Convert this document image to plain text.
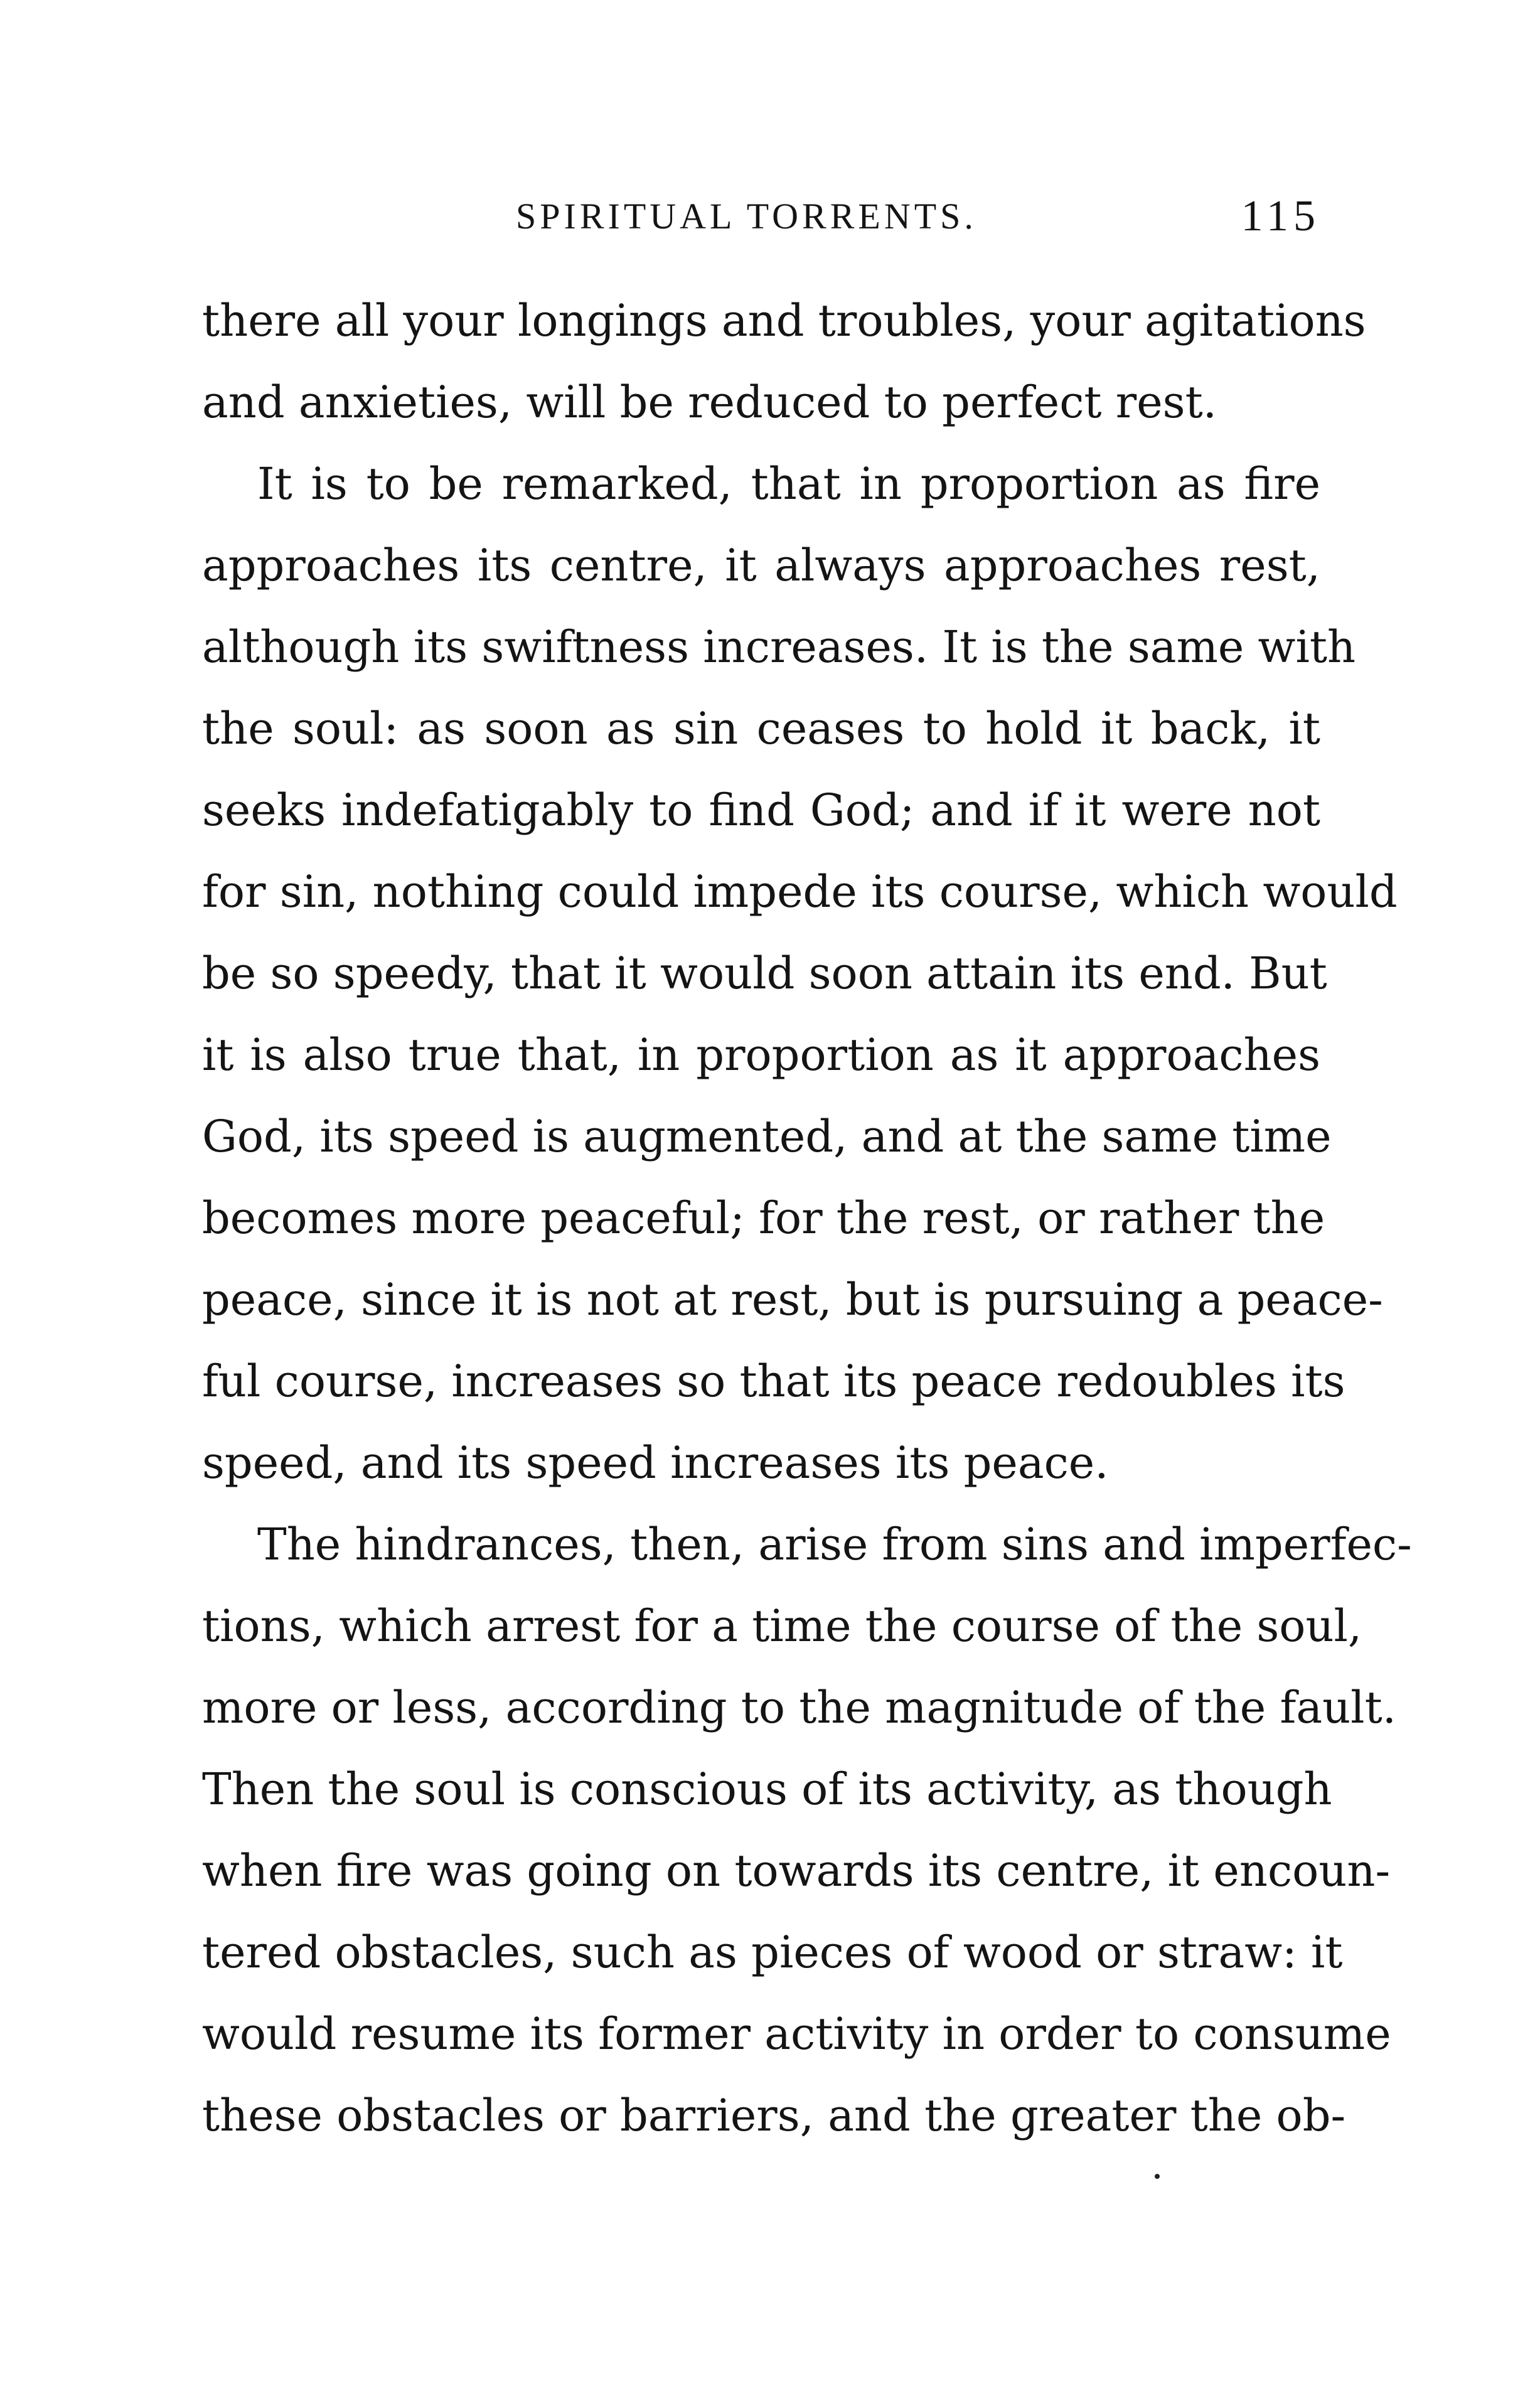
SPIRITUAL TORRENTS.	115
there all your longings and troubles, your agitations
and anxieties, will be reduced to perfect rest.
It is to be remarked, that in proportion as fire
approaches its centre, it always approaches rest,
although its swiftness increases. It is the same with
the soul: as soon as sin ceases to hold it back, it
seeks indefatigably to find God; and if it were not
for sin, nothing could impede its course, which would
be so speedy, that it would soon attain its end. But
it is also true that, in proportion as it approaches
God, its speed is augmented, and at the same time
becomes more peaceful; for the rest, or rather the
peace, since it is not at rest, but is pursuing a peace-
ful course, increases so that its peace redoubles its
speed, and its speed increases its peace.
The hindrances, then, arise from sins and imperfec-
tions, which arrest for a time the course of the soul,
more or less, according to the magnitude of the fault.
Then the soul is conscious of its activity, as though
when fire was going on towards its centre, it encoun-
tered obstacles, such as pieces of wood or straw: it
would resume its former activity in order to consume
these obstacles or barriers, and the greater the ob-
